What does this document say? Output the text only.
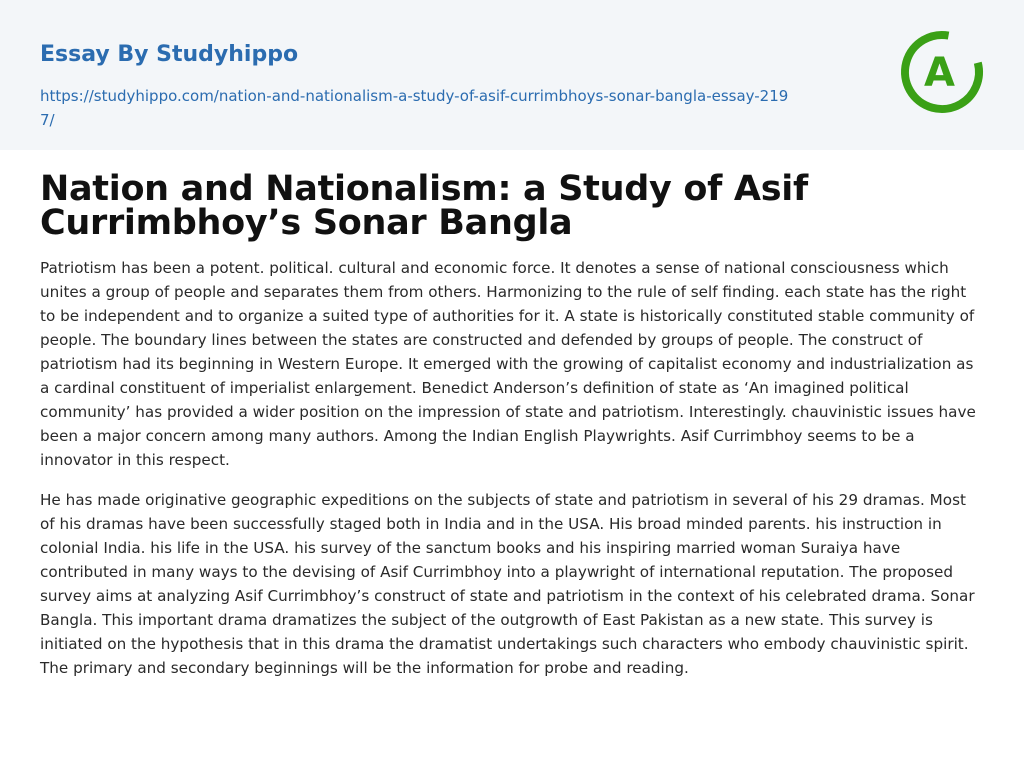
Essay By Studyhippo
https://studyhippo.com/nation-and-nationalism-a-study-of-asif-currimbhoys-sonar-bangla-essay-2197/
A
Nation and Nationalism: a Study of Asif Currimbhoy’s Sonar Bangla

Patriotism has been a potent. political. cultural and economic force. It denotes a sense of national consciousness which unites a group of people and separates them from others. Harmonizing to the rule of self finding. each state has the right to be independent and to organize a suited type of authorities for it. A state is historically constituted stable community of people. The boundary lines between the states are constructed and defended by groups of people. The construct of patriotism had its beginning in Western Europe. It emerged with the growing of capitalist economy and industrialization as a cardinal constituent of imperialist enlargement. Benedict Anderson’s definition of state as ‘An imagined political community’ has provided a wider position on the impression of state and patriotism. Interestingly. chauvinistic issues have been a major concern among many authors. Among the Indian English Playwrights. Asif Currimbhoy seems to be a innovator in this respect.

He has made originative geographic expeditions on the subjects of state and patriotism in several of his 29 dramas. Most of his dramas have been successfully staged both in India and in the USA. His broad minded parents. his instruction in colonial India. his life in the USA. his survey of the sanctum books and his inspiring married woman Suraiya have contributed in many ways to the devising of Asif Currimbhoy into a playwright of international reputation. The proposed survey aims at analyzing Asif Currimbhoy’s construct of state and patriotism in the context of his celebrated drama. Sonar Bangla. This important drama dramatizes the subject of the outgrowth of East Pakistan as a new state. This survey is initiated on the hypothesis that in this drama the dramatist undertakings such characters who embody chauvinistic spirit. The primary and secondary beginnings will be the information for probe and reading.
